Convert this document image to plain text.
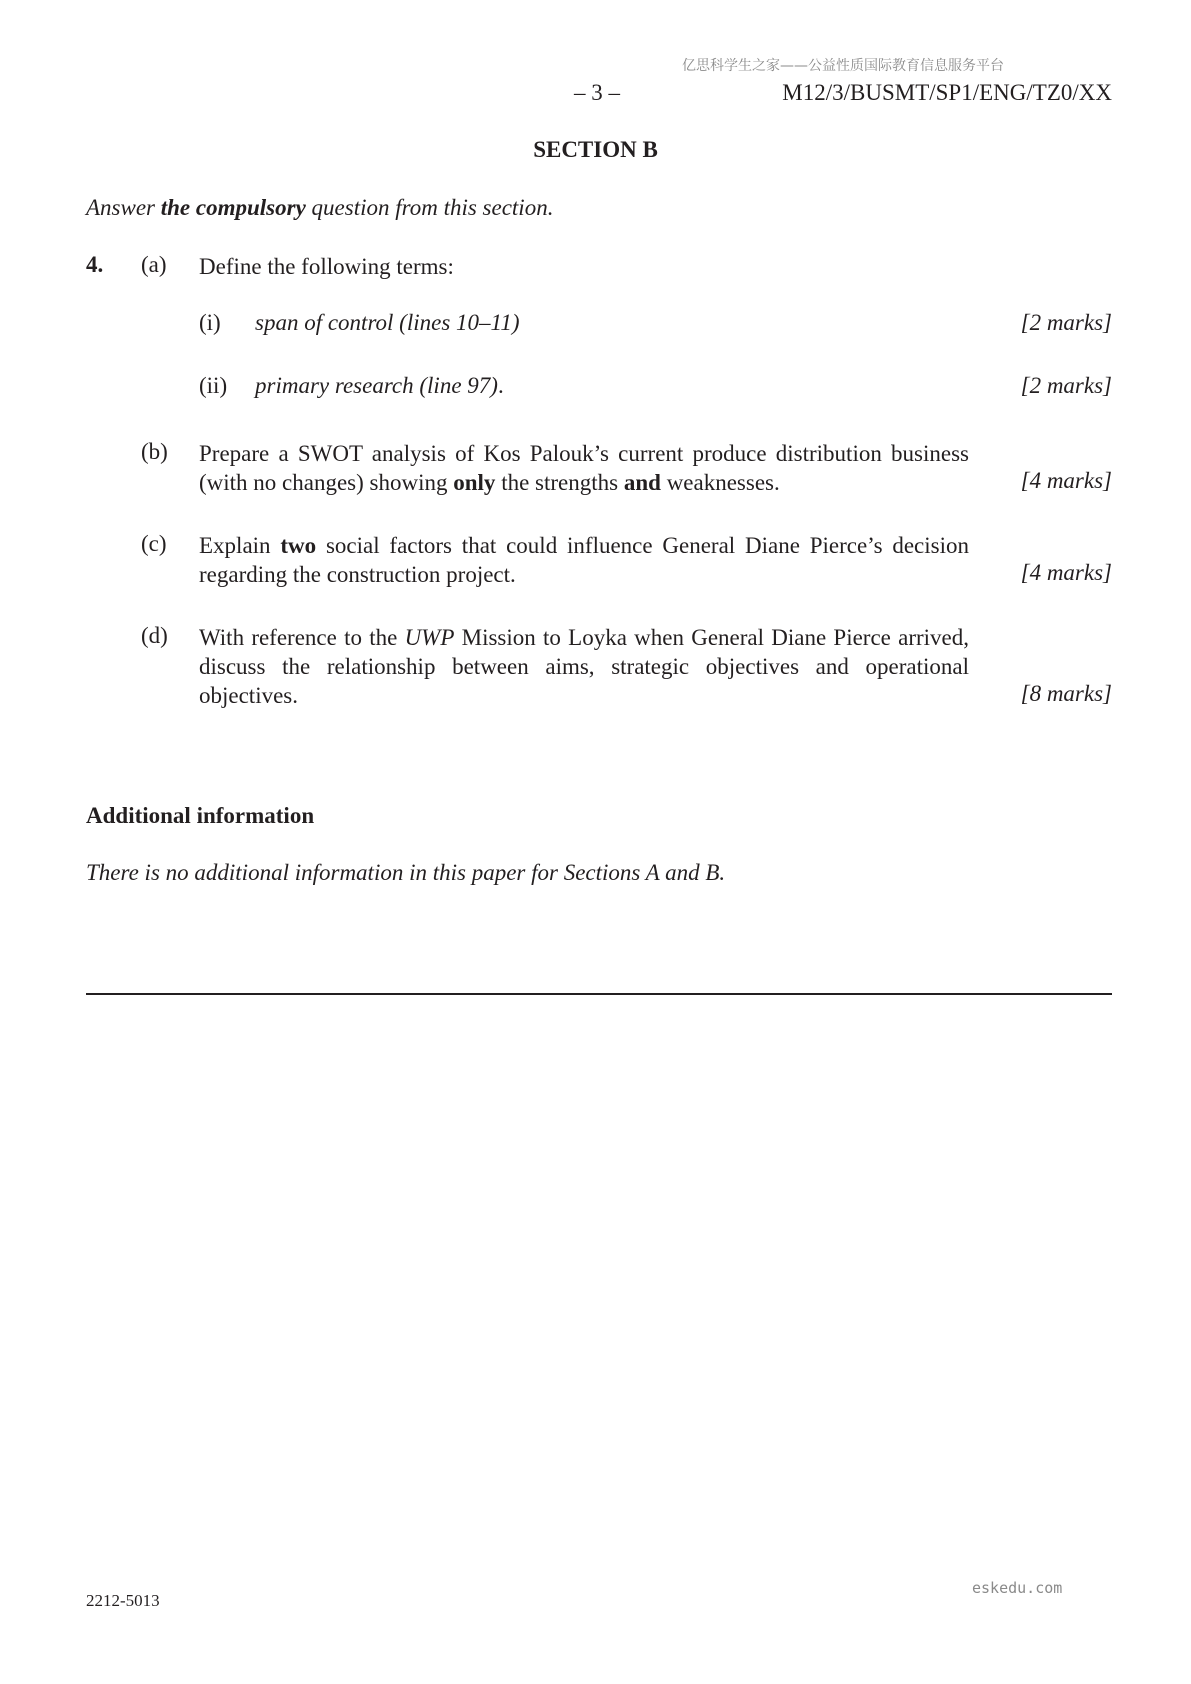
亿思科学生之家——公益性质国际教育信息服务平台
– 3 –	M12/3/BUSMT/SP1/ENG/TZ0/XX
SECTION B
Answer the compulsory question from this section.
4. (a) Define the following terms:
(i) span of control (lines 10–11)	[2 marks]
(ii) primary research (line 97).	[2 marks]
(b) Prepare a SWOT analysis of Kos Palouk’s current produce distribution business (with no changes) showing only the strengths and weaknesses.	[4 marks]
(c) Explain two social factors that could influence General Diane Pierce’s decision regarding the construction project.	[4 marks]
(d) With reference to the UWP Mission to Loyka when General Diane Pierce arrived, discuss the relationship between aims, strategic objectives and operational objectives.	[8 marks]
Additional information
There is no additional information in this paper for Sections A and B.
2212-5013
eskedu.com
